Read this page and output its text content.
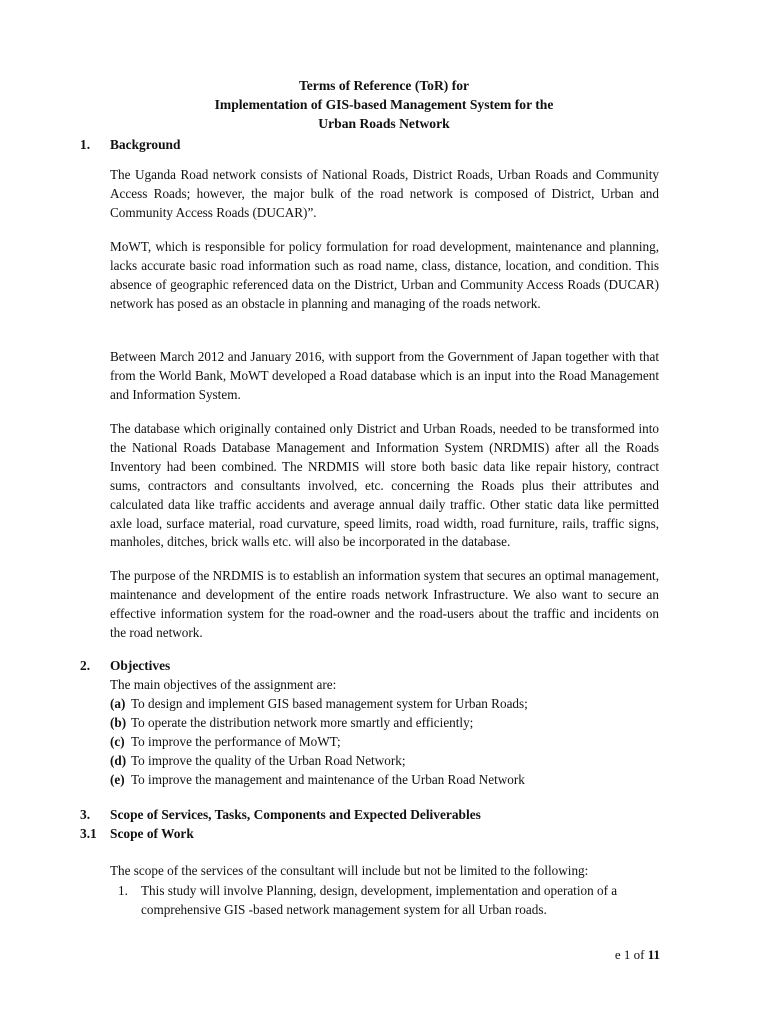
Terms of Reference (ToR) for
Implementation of GIS-based Management System for the
Urban Roads Network
1. Background

The Uganda Road network consists of National Roads, District Roads, Urban Roads and Community Access Roads; however, the major bulk of the road network is composed of District, Urban and Community Access Roads (DUCAR)”.

MoWT, which is responsible for policy formulation for road development, maintenance and planning, lacks accurate basic road information such as road name, class, distance, location, and condition. This absence of geographic referenced data on the District, Urban and Community Access Roads (DUCAR) network has posed as an obstacle in planning and managing of the roads network.

Between March 2012 and January 2016, with support from the Government of Japan together with that from the World Bank, MoWT developed a Road database which is an input into the Road Management and Information System.

The database which originally contained only District and Urban Roads, needed to be transformed into the National Roads Database Management and Information System (NRDMIS) after all the Roads Inventory had been combined. The NRDMIS will store both basic data like repair history, contract sums, contractors and consultants involved, etc. concerning the Roads plus their attributes and calculated data like traffic accidents and average annual daily traffic. Other static data like permitted axle load, surface material, road curvature, speed limits, road width, road furniture, rails, traffic signs, manholes, ditches, brick walls etc. will also be incorporated in the database.

The purpose of the NRDMIS is to establish an information system that secures an optimal management, maintenance and development of the entire roads network Infrastructure. We also want to secure an effective information system for the road-owner and the road-users about the traffic and incidents on the road network.

2. Objectives
The main objectives of the assignment are:
(a) To design and implement GIS based management system for Urban Roads;
(b) To operate the distribution network more smartly and efficiently;
(c) To improve the performance of MoWT;
(d) To improve the quality of the Urban Road Network;
(e) To improve the management and maintenance of the Urban Road Network
3. Scope of Services, Tasks, Components and Expected Deliverables
3.1 Scope of Work

The scope of the services of the consultant will include but not be limited to the following:

1. This study will involve Planning, design, development, implementation and operation of a comprehensive GIS -based network management system for all Urban roads.
e 1 of 11
